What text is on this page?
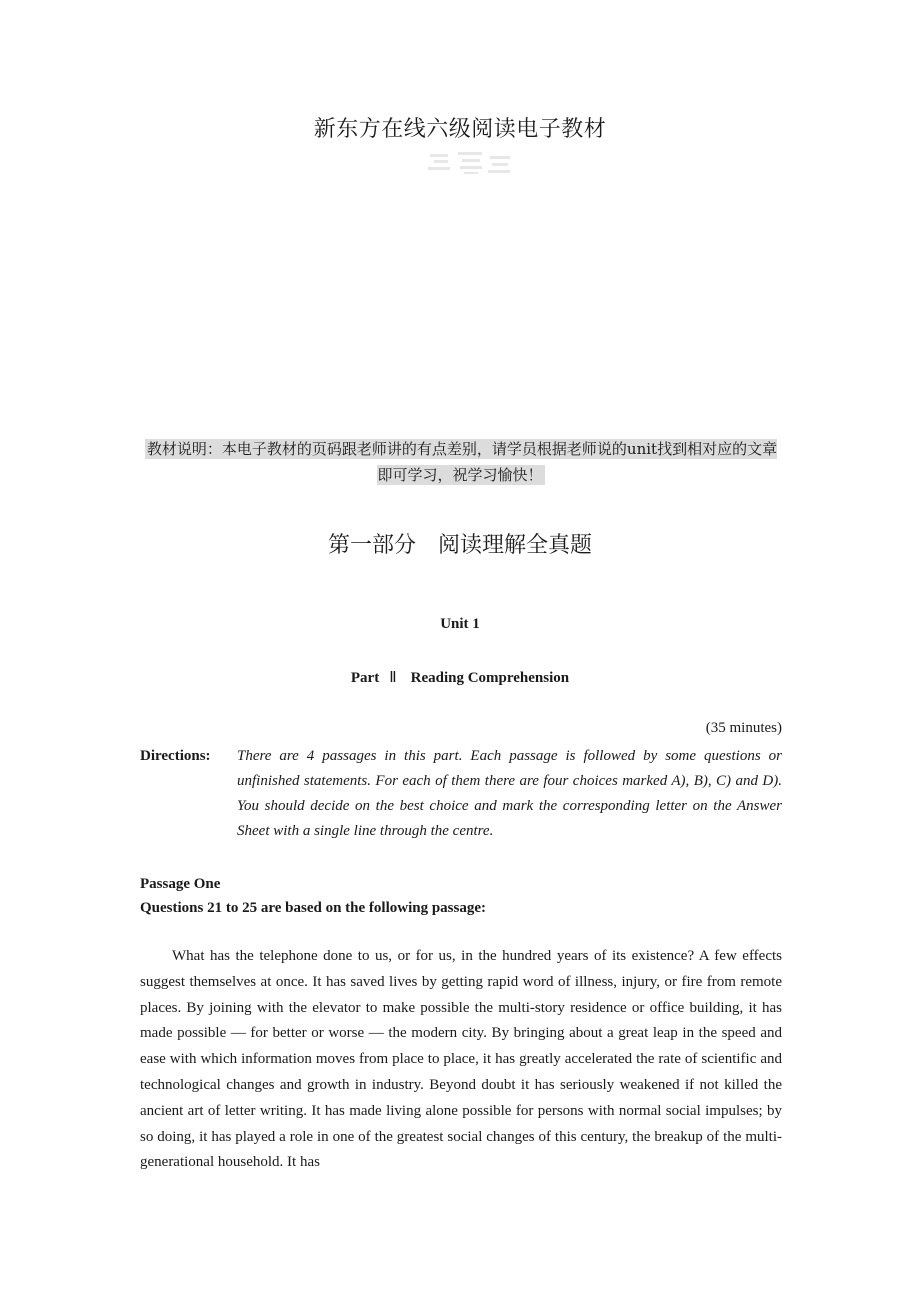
新东方在线六级阅读电子教材
教材说明：本电子教材的页码跟老师讲的有点差别，请学员根据老师说的unit找到相对应的文章即可学习，祝学习愉快！
第一部分　阅读理解全真题
Unit 1
Part Ⅱ Reading Comprehension
(35 minutes)
Directions: There are 4 passages in this part. Each passage is followed by some questions or unfinished statements. For each of them there are four choices marked A), B), C) and D). You should decide on the best choice and mark the corresponding letter on the Answer Sheet with a single line through the centre.
Passage One
Questions 21 to 25 are based on the following passage:

What has the telephone done to us, or for us, in the hundred years of its existence? A few effects suggest themselves at once. It has saved lives by getting rapid word of illness, injury, or fire from remote places. By joining with the elevator to make possible the multi-story residence or office building, it has made possible — for better or worse — the modern city. By bringing about a great leap in the speed and ease with which information moves from place to place, it has greatly accelerated the rate of scientific and technological changes and growth in industry. Beyond doubt it has seriously weakened if not killed the ancient art of letter writing. It has made living alone possible for persons with normal social impulses; by so doing, it has played a role in one of the greatest social changes of this century, the breakup of the multi-generational household. It has
